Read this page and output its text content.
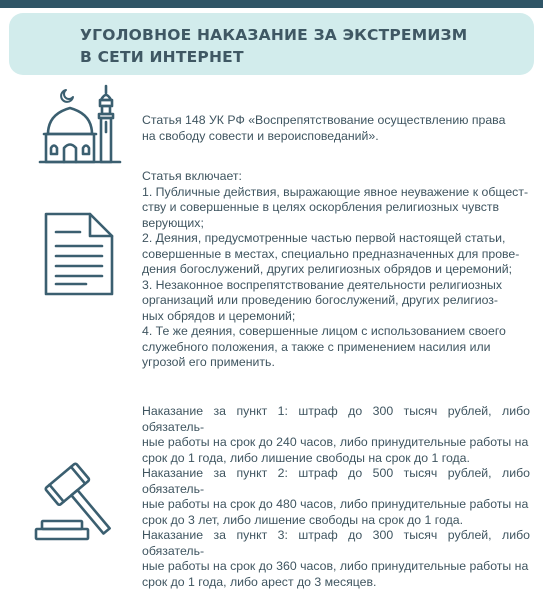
УГОЛОВНОЕ НАКАЗАНИЕ ЗА ЭКСТРЕМИЗМ
В СЕТИ ИНТЕРНЕТ
Статья 148 УК РФ «Воспрепятствование осуществлению права
на свободу совести и вероисповеданий».
Статья включает:
1. Публичные действия, выражающие явное неуважение к общест-
ству и совершенные в целях оскорбления религиозных чувств
верующих;
2. Деяния, предусмотренные частью первой настоящей статьи,
совершенные в местах, специально предназначенных для прове-
дения богослужений, других религиозных обрядов и церемоний;
3. Незаконное воспрепятствование деятельности религиозных
организаций или проведению богослужений, других религиоз-
ных обрядов и церемоний;
4. Те же деяния, совершенные лицом с использованием своего
служебного положения, а также с применением насилия или
угрозой его применить.
Наказание за пункт 1: штраф до 300 тысяч рублей, либо обязатель-
ные работы на срок до 240 часов, либо принудительные работы на
срок до 1 года, либо лишение свободы на срок до 1 года.
Наказание за пункт 2: штраф до 500 тысяч рублей, либо обязатель-
ные работы на срок до 480 часов, либо принудительные работы на
срок до 3 лет, либо лишение свободы на срок до 1 года.
Наказание за пункт 3: штраф до 300 тысяч рублей, либо обязатель-
ные работы на срок до 360 часов, либо принудительные работы на
срок до 1 года, либо арест до 3 месяцев.
